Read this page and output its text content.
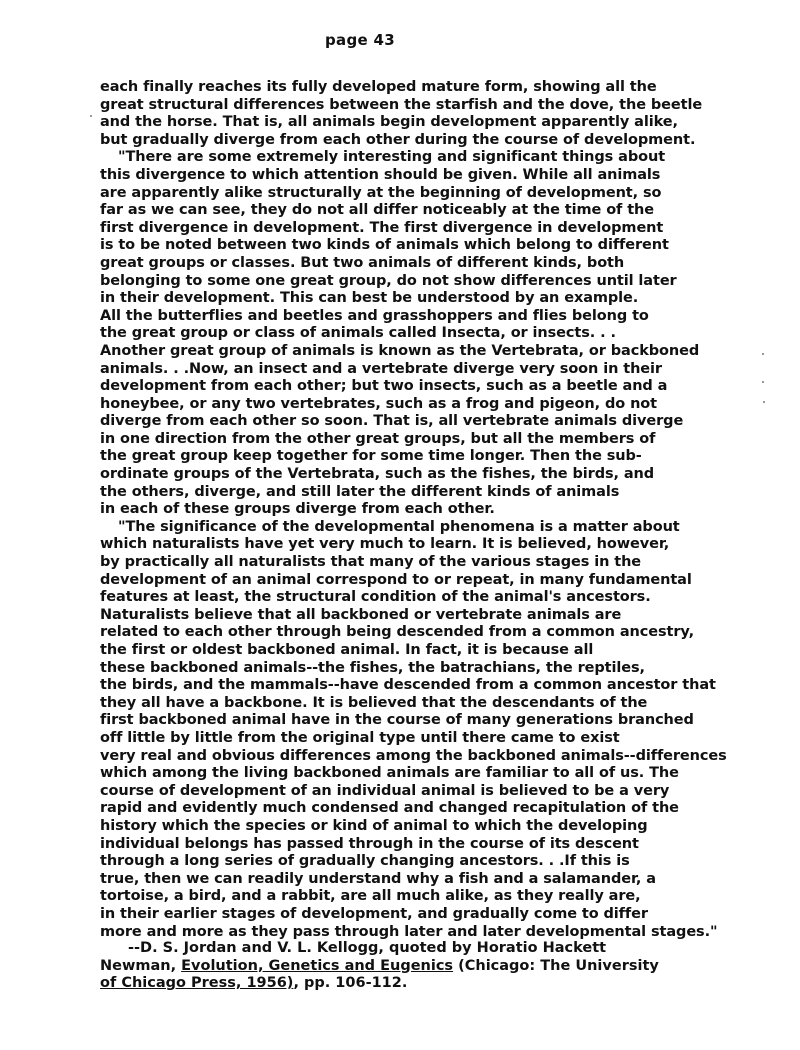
page 43
each finally reaches its fully developed mature form, showing all the
great structural differences between the starfish and the dove, the beetle
and the horse. That is, all animals begin development apparently alike,
but gradually diverge from each other during the course of development.
"There are some extremely interesting and significant things about
this divergence to which attention should be given. While all animals
are apparently alike structurally at the beginning of development, so
far as we can see, they do not all differ noticeably at the time of the
first divergence in development. The first divergence in development
is to be noted between two kinds of animals which belong to different
great groups or classes. But two animals of different kinds, both
belonging to some one great group, do not show differences until later
in their development. This can best be understood by an example.
All the butterflies and beetles and grasshoppers and flies belong to
the great group or class of animals called Insecta, or insects. . .
Another great group of animals is known as the Vertebrata, or backboned
animals. . .Now, an insect and a vertebrate diverge very soon in their
development from each other; but two insects, such as a beetle and a
honeybee, or any two vertebrates, such as a frog and pigeon, do not
diverge from each other so soon. That is, all vertebrate animals diverge
in one direction from the other great groups, but all the members of
the great group keep together for some time longer. Then the sub-
ordinate groups of the Vertebrata, such as the fishes, the birds, and
the others, diverge, and still later the different kinds of animals
in each of these groups diverge from each other.
"The significance of the developmental phenomena is a matter about
which naturalists have yet very much to learn. It is believed, however,
by practically all naturalists that many of the various stages in the
development of an animal correspond to or repeat, in many fundamental
features at least, the structural condition of the animal's ancestors.
Naturalists believe that all backboned or vertebrate animals are
related to each other through being descended from a common ancestry,
the first or oldest backboned animal. In fact, it is because all
these backboned animals--the fishes, the batrachians, the reptiles,
the birds, and the mammals--have descended from a common ancestor that
they all have a backbone. It is believed that the descendants of the
first backboned animal have in the course of many generations branched
off little by little from the original type until there came to exist
very real and obvious differences among the backboned animals--differences
which among the living backboned animals are familiar to all of us. The
course of development of an individual animal is believed to be a very
rapid and evidently much condensed and changed recapitulation of the
history which the species or kind of animal to which the developing
individual belongs has passed through in the course of its descent
through a long series of gradually changing ancestors. . .If this is
true, then we can readily understand why a fish and a salamander, a
tortoise, a bird, and a rabbit, are all much alike, as they really are,
in their earlier stages of development, and gradually come to differ
more and more as they pass through later and later developmental stages."
--D. S. Jordan and V. L. Kellogg, quoted by Horatio Hackett
Newman, Evolution, Genetics and Eugenics (Chicago: The University
of Chicago Press, 1956), pp. 106-112.
